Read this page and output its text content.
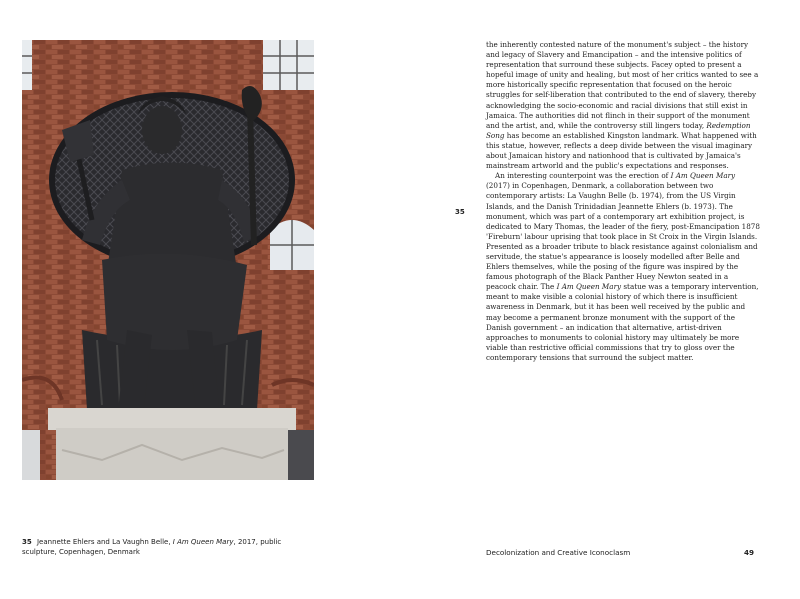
35 Jeannette Ehlers and La Vaughn Belle, I Am Queen Mary, 2017, public sculpture, Copenhagen, Denmark
35

the inherently contested nature of the monument's subject – the history and legacy of Slavery and Emancipation – and the intensive politics of representation that surround these subjects. Facey opted to present a hopeful image of unity and healing, but most of her critics wanted to see a more historically specific representation that focused on the heroic struggles for self-liberation that contributed to the end of slavery, thereby acknowledging the socio-economic and racial divisions that still exist in Jamaica. The authorities did not flinch in their support of the monument and the artist, and, while the controversy still lingers today, Redemption Song has become an established Kingston landmark. What happened with this statue, however, reflects a deep divide between the visual imaginary about Jamaican history and nationhood that is cultivated by Jamaica's mainstream artworld and the public's expectations and responses.

An interesting counterpoint was the erection of I Am Queen Mary (2017) in Copenhagen, Denmark, a collaboration between two contemporary artists: La Vaughn Belle (b. 1974), from the US Virgin Islands, and the Danish Trinidadian Jeannette Ehlers (b. 1973). The monument, which was part of a contemporary art exhibition project, is dedicated to Mary Thomas, the leader of the fiery, post-Emancipation 1878 'Fireburn' labour uprising that took place in St Croix in the Virgin Islands. Presented as a broader tribute to black resistance against colonialism and servitude, the statue's appearance is loosely modelled after Belle and Ehlers themselves, while the posing of the figure was inspired by the famous photograph of the Black Panther Huey Newton seated in a peacock chair. The I Am Queen Mary statue was a temporary intervention, meant to make visible a colonial history of which there is insufficient awareness in Denmark, but it has been well received by the public and may become a permanent bronze monument with the support of the Danish government – an indication that alternative, artist-driven approaches to monuments to colonial history may ultimately be more viable than restrictive official commissions that try to gloss over the contemporary tensions that surround the subject matter.

Decolonization and Creative Iconoclasm	49
